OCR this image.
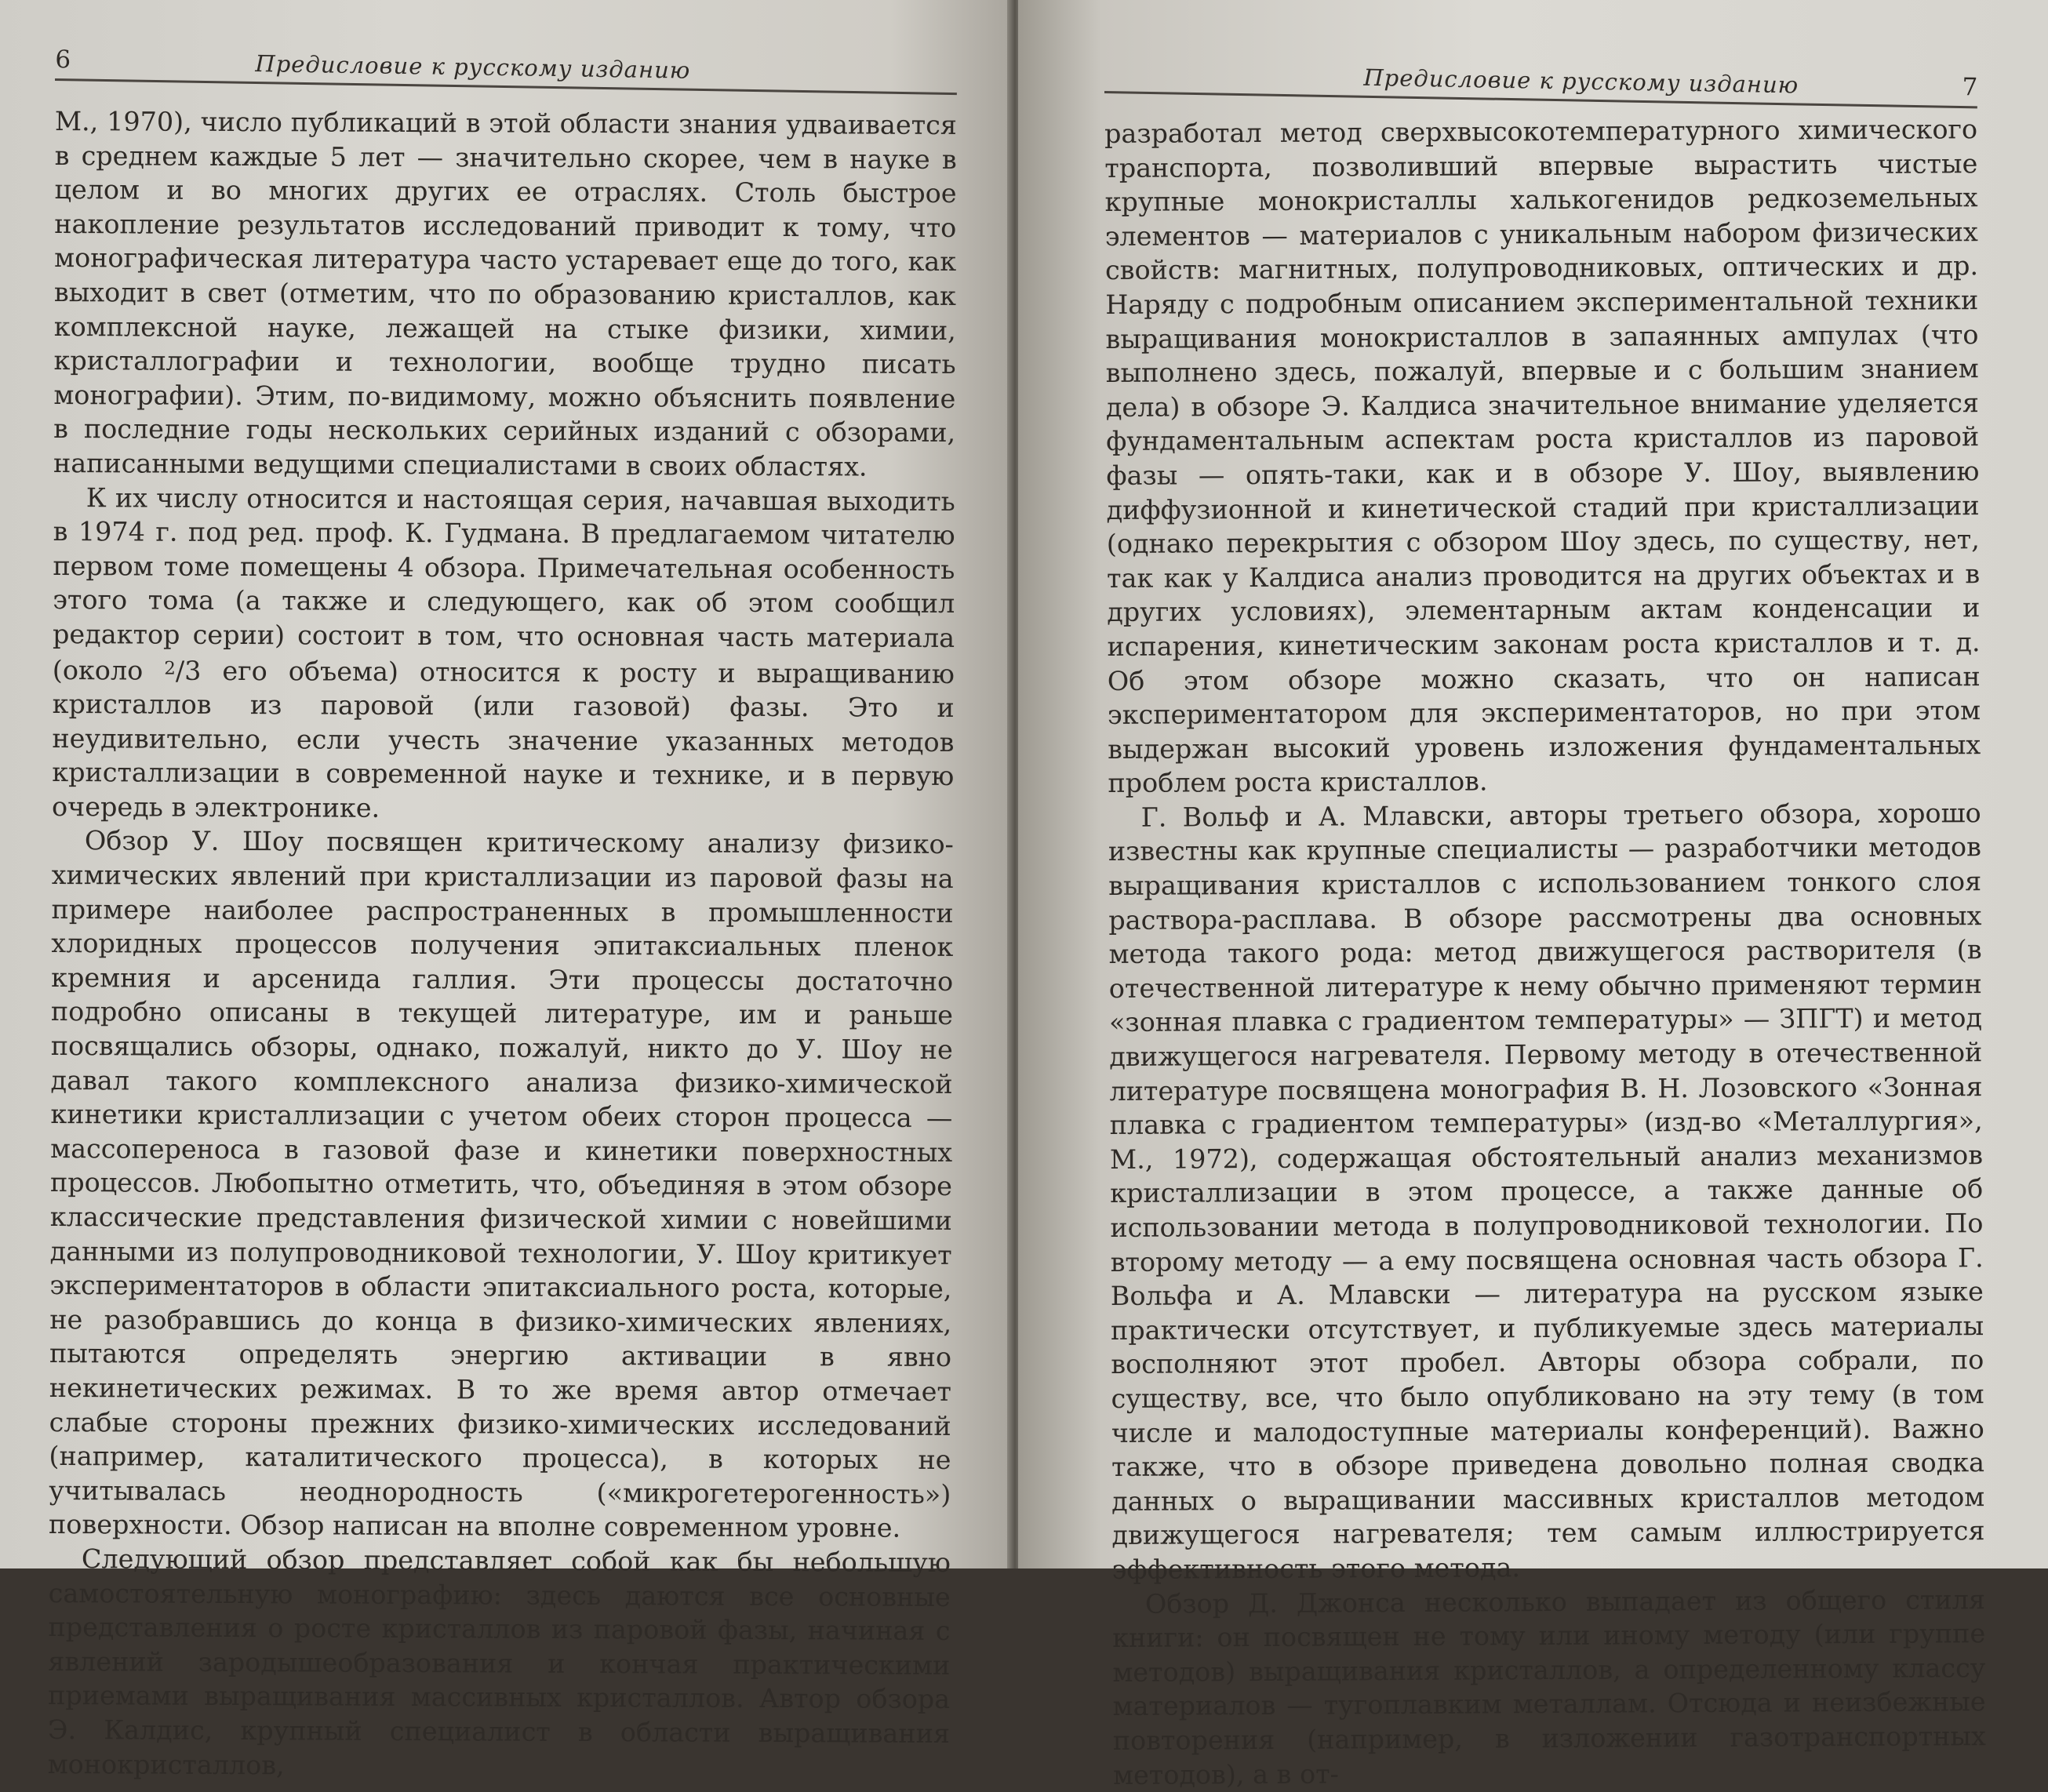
6	Предисловие к русскому изданию

М., 1970), число публикаций в этой области знания удваивается в среднем каждые 5 лет — значительно скорее, чем в науке в целом и во многих других ее отраслях. Столь быстрое накопление результатов исследований приводит к тому, что монографическая литература часто устаревает еще до того, как выходит в свет (отметим, что по образованию кристаллов, как комплексной науке, лежащей на стыке физики, химии, кристаллографии и технологии, вообще трудно писать монографии). Этим, по-видимому, можно объяснить появление в последние годы нескольких серийных изданий с обзорами, написанными ведущими специалистами в своих областях.

К их числу относится и настоящая серия, начавшая выходить в 1974 г. под ред. проф. К. Гудмана. В предлагаемом читателю первом томе помещены 4 обзора. Примечательная особенность этого тома (а также и следующего, как об этом сообщил редактор серии) состоит в том, что основная часть материала (около $^2$/3 его объема) относится к росту и выращиванию кристаллов из паровой (или газовой) фазы. Это и неудивительно, если учесть значение указанных методов кристаллизации в современной науке и технике, и в первую очередь в электронике.

Обзор У. Шоу посвящен критическому анализу физико-химических явлений при кристаллизации из паровой фазы на примере наиболее распространенных в промышленности хлоридных процессов получения эпитаксиальных пленок кремния и арсенида галлия. Эти процессы достаточно подробно описаны в текущей литературе, им и раньше посвящались обзоры, однако, пожалуй, никто до У. Шоу не давал такого комплексного анализа физико-химической кинетики кристаллизации с учетом обеих сторон процесса — массопереноса в газовой фазе и кинетики поверхностных процессов. Любопытно отметить, что, объединяя в этом обзоре классические представления физической химии с новейшими данными из полупроводниковой технологии, У. Шоу критикует экспериментаторов в области эпитаксиального роста, которые, не разобравшись до конца в физико-химических явлениях, пытаются определять энергию активации в явно некинетических режимах. В то же время автор отмечает слабые стороны прежних физико-химических исследований (например, каталитического процесса), в которых не учитывалась неоднородность («микрогетерогенность») поверхности. Обзор написан на вполне современном уровне.

Следующий обзор представляет собой как бы небольшую самостоятельную монографию: здесь даются все основные представления о росте кристаллов из паровой фазы, начиная с явлений зародышеобразования и кончая практическими приемами выращивания массивных кристаллов. Автор обзора Э. Калдис, крупный специалист в области выращивания монокристаллов,

Предисловие к русскому изданию	7

разработал метод сверхвысокотемпературного химического транспорта, позволивший впервые вырастить чистые крупные монокристаллы халькогенидов редкоземельных элементов — материалов с уникальным набором физических свойств: магнитных, полупроводниковых, оптических и др. Наряду с подробным описанием экспериментальной техники выращивания монокристаллов в запаянных ампулах (что выполнено здесь, пожалуй, впервые и с большим знанием дела) в обзоре Э. Калдиса значительное внимание уделяется фундаментальным аспектам роста кристаллов из паровой фазы — опять-таки, как и в обзоре У. Шоу, выявлению диффузионной и кинетической стадий при кристаллизации (однако перекрытия с обзором Шоу здесь, по существу, нет, так как у Калдиса анализ проводится на других объектах и в других условиях), элементарным актам конденсации и испарения, кинетическим законам роста кристаллов и т. д. Об этом обзоре можно сказать, что он написан экспериментатором для экспериментаторов, но при этом выдержан высокий уровень изложения фундаментальных проблем роста кристаллов.

Г. Вольф и А. Млавски, авторы третьего обзора, хорошо известны как крупные специалисты — разработчики методов выращивания кристаллов с использованием тонкого слоя раствора-расплава. В обзоре рассмотрены два основных метода такого рода: метод движущегося растворителя (в отечественной литературе к нему обычно применяют термин «зонная плавка с градиентом температуры» — ЗПГТ) и метод движущегося нагревателя. Первому методу в отечественной литературе посвящена монография В. Н. Лозовского «Зонная плавка с градиентом температуры» (изд-во «Металлургия», М., 1972), содержащая обстоятельный анализ механизмов кристаллизации в этом процессе, а также данные об использовании метода в полупроводниковой технологии. По второму методу — а ему посвящена основная часть обзора Г. Вольфа и А. Млавски — литература на русском языке практически отсутствует, и публикуемые здесь материалы восполняют этот пробел. Авторы обзора собрали, по существу, все, что было опубликовано на эту тему (в том числе и малодоступные материалы конференций). Важно также, что в обзоре приведена довольно полная сводка данных о выращивании массивных кристаллов методом движущегося нагревателя; тем самым иллюстрируется эффективность этого метода.

Обзор Д. Джонса несколько выпадает из общего стиля книги: он посвящен не тому или иному методу (или группе методов) выращивания кристаллов, а определенному классу материалов — тугоплавким металлам. Отсюда и неизбежные повторения (например, в изложении газотранспортных методов), а в от-
